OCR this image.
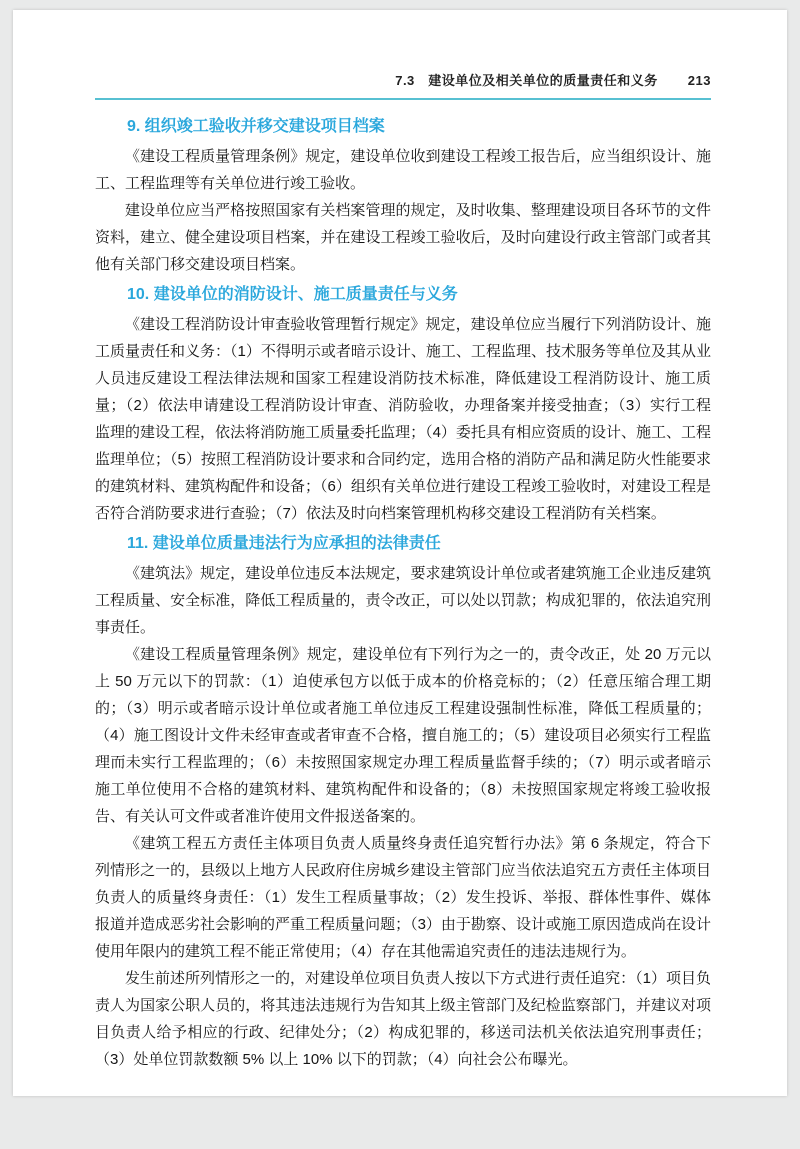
7.3　建设单位及相关单位的质量责任和义务 213
9. 组织竣工验收并移交建设项目档案

《建设工程质量管理条例》规定，建设单位收到建设工程竣工报告后，应当组织设计、施工、工程监理等有关单位进行竣工验收。

建设单位应当严格按照国家有关档案管理的规定，及时收集、整理建设项目各环节的文件资料，建立、健全建设项目档案，并在建设工程竣工验收后，及时向建设行政主管部门或者其他有关部门移交建设项目档案。

10. 建设单位的消防设计、施工质量责任与义务

《建设工程消防设计审查验收管理暂行规定》规定，建设单位应当履行下列消防设计、施工质量责任和义务：（1）不得明示或者暗示设计、施工、工程监理、技术服务等单位及其从业人员违反建设工程法律法规和国家工程建设消防技术标准，降低建设工程消防设计、施工质量；（2）依法申请建设工程消防设计审查、消防验收，办理备案并接受抽查；（3）实行工程监理的建设工程，依法将消防施工质量委托监理；（4）委托具有相应资质的设计、施工、工程监理单位；（5）按照工程消防设计要求和合同约定，选用合格的消防产品和满足防火性能要求的建筑材料、建筑构配件和设备；（6）组织有关单位进行建设工程竣工验收时，对建设工程是否符合消防要求进行查验；（7）依法及时向档案管理机构移交建设工程消防有关档案。

11. 建设单位质量违法行为应承担的法律责任

《建筑法》规定，建设单位违反本法规定，要求建筑设计单位或者建筑施工企业违反建筑工程质量、安全标准，降低工程质量的，责令改正，可以处以罚款；构成犯罪的，依法追究刑事责任。

《建设工程质量管理条例》规定，建设单位有下列行为之一的，责令改正，处 20 万元以上 50 万元以下的罚款：（1）迫使承包方以低于成本的价格竞标的；（2）任意压缩合理工期的；（3）明示或者暗示设计单位或者施工单位违反工程建设强制性标准，降低工程质量的；（4）施工图设计文件未经审查或者审查不合格，擅自施工的；（5）建设项目必须实行工程监理而未实行工程监理的；（6）未按照国家规定办理工程质量监督手续的；（7）明示或者暗示施工单位使用不合格的建筑材料、建筑构配件和设备的；（8）未按照国家规定将竣工验收报告、有关认可文件或者准许使用文件报送备案的。

《建筑工程五方责任主体项目负责人质量终身责任追究暂行办法》第 6 条规定，符合下列情形之一的，县级以上地方人民政府住房城乡建设主管部门应当依法追究五方责任主体项目负责人的质量终身责任：（1）发生工程质量事故；（2）发生投诉、举报、群体性事件、媒体报道并造成恶劣社会影响的严重工程质量问题；（3）由于勘察、设计或施工原因造成尚在设计使用年限内的建筑工程不能正常使用；（4）存在其他需追究责任的违法违规行为。

发生前述所列情形之一的，对建设单位项目负责人按以下方式进行责任追究：（1）项目负责人为国家公职人员的，将其违法违规行为告知其上级主管部门及纪检监察部门，并建议对项目负责人给予相应的行政、纪律处分；（2）构成犯罪的，移送司法机关依法追究刑事责任；（3）处单位罚款数额 5% 以上 10% 以下的罚款；（4）向社会公布曝光。
